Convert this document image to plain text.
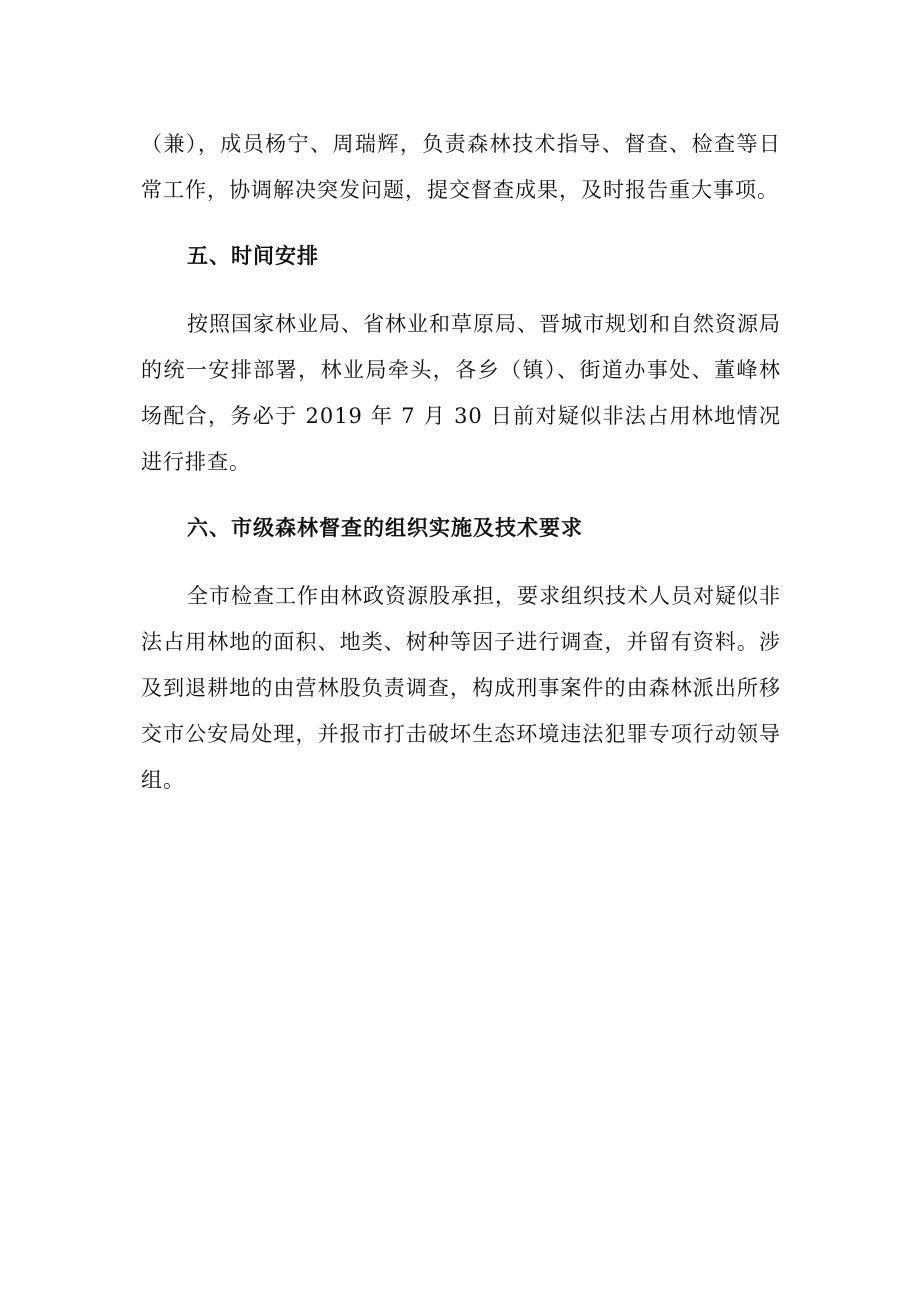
（兼），成员杨宁、周瑞辉，负责森林技术指导、督查、检查等日常工作，协调解决突发问题，提交督查成果，及时报告重大事项。

五、时间安排

按照国家林业局、省林业和草原局、晋城市规划和自然资源局的统一安排部署，林业局牵头，各乡（镇）、街道办事处、董峰林场配合，务必于 2019 年 7 月 30 日前对疑似非法占用林地情况进行排查。

六、市级森林督查的组织实施及技术要求

全市检查工作由林政资源股承担，要求组织技术人员对疑似非法占用林地的面积、地类、树种等因子进行调查，并留有资料。涉及到退耕地的由营林股负责调查，构成刑事案件的由森林派出所移交市公安局处理，并报市打击破坏生态环境违法犯罪专项行动领导组。
